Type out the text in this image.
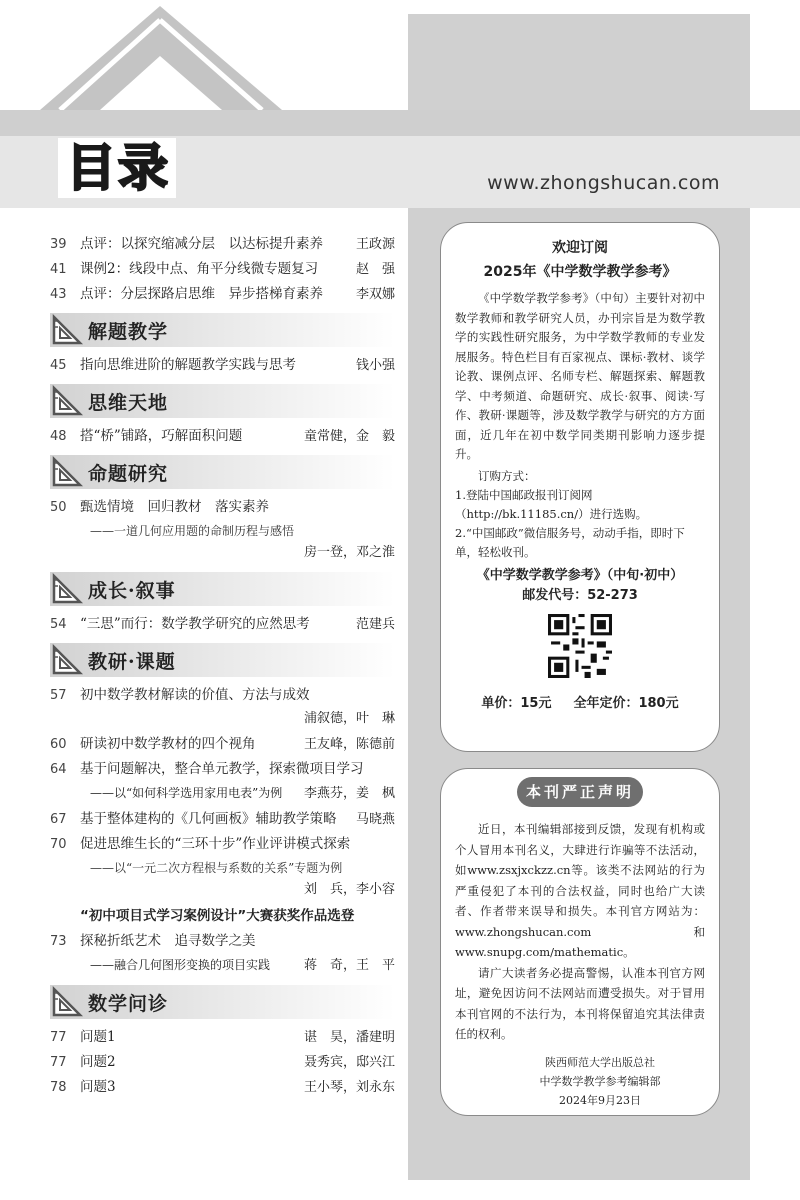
目录	www.zhongshucan.com
39 点评：以探究缩减分层　以达标提升素养	王政源
41 课例2：线段中点、角平分线微专题复习	赵　强
43 点评：分层探路启思维　异步搭梯育素养	李双娜
解题教学
45 指向思维进阶的解题教学实践与思考	钱小强
思维天地
48 搭“桥”铺路，巧解面积问题	童常健，金　毅
命题研究
50 甄选情境　回归教材　落实素养
——一道几何应用题的命制历程与感悟
房一登，邓之淮
成长·叙事
54 “三思”而行：数学教学研究的应然思考	范建兵
教研·课题
57 初中数学教材解读的价值、方法与成效
浦叙德，叶　琳
60 研读初中数学教材的四个视角	王友峰，陈德前
64 基于问题解决，整合单元教学，探索微项目学习
——以“如何科学选用家用电表”为例	李燕芬，姜　枫
67 基于整体建构的《几何画板》辅助教学策略	马晓燕
70 促进思维生长的“三环十步”作业评讲模式探索
——以“一元二次方程根与系数的关系”专题为例
刘　兵，李小容
“初中项目式学习案例设计”大赛获奖作品选登
73 探秘折纸艺术　追寻数学之美
——融合几何图形变换的项目实践	蒋　奇，王　平
数学问诊
77 问题1	谌　昊，潘建明
77 问题2	聂秀宾，邸兴江
78 问题3	王小琴，刘永东
欢迎订阅
2025年《中学数学教学参考》
《中学数学教学参考》（中旬）主要针对初中数学教师和教学研究人员，办刊宗旨是为数学教学的实践性研究服务，为中学数学教师的专业发展服务。特色栏目有百家视点、课标·教材、谈学论教、课例点评、名师专栏、解题探索、解题教学、中考频道、命题研究、成长·叙事、阅读·写作、教研·课题等，涉及数学教学与研究的方方面面，近几年在初中数学同类期刊影响力逐步提升。
订购方式：
1.登陆中国邮政报刊订阅网（http://bk.11185.cn/）进行选购。
2.“中国邮政”微信服务号，动动手指，即时下单，轻松收刊。
《中学数学教学参考》（中旬·初中）
邮发代号：52-273
单价：15元 全年定价：180元
本刊严正声明

近日，本刊编辑部接到反馈，发现有机构或个人冒用本刊名义，大肆进行诈骗等不法活动，如www.zsxjxckzz.cn等。该类不法网站的行为严重侵犯了本刊的合法权益，同时也给广大读者、作者带来误导和损失。本刊官方网站为：www.zhongshucan.com 和www.snupg.com/mathematic。

请广大读者务必提高警惕，认准本刊官方网址，避免因访问不法网站而遭受损失。对于冒用本刊官网的不法行为，本刊将保留追究其法律责任的权利。

陕西师范大学出版总社
中学数学教学参考编辑部
2024年9月23日
